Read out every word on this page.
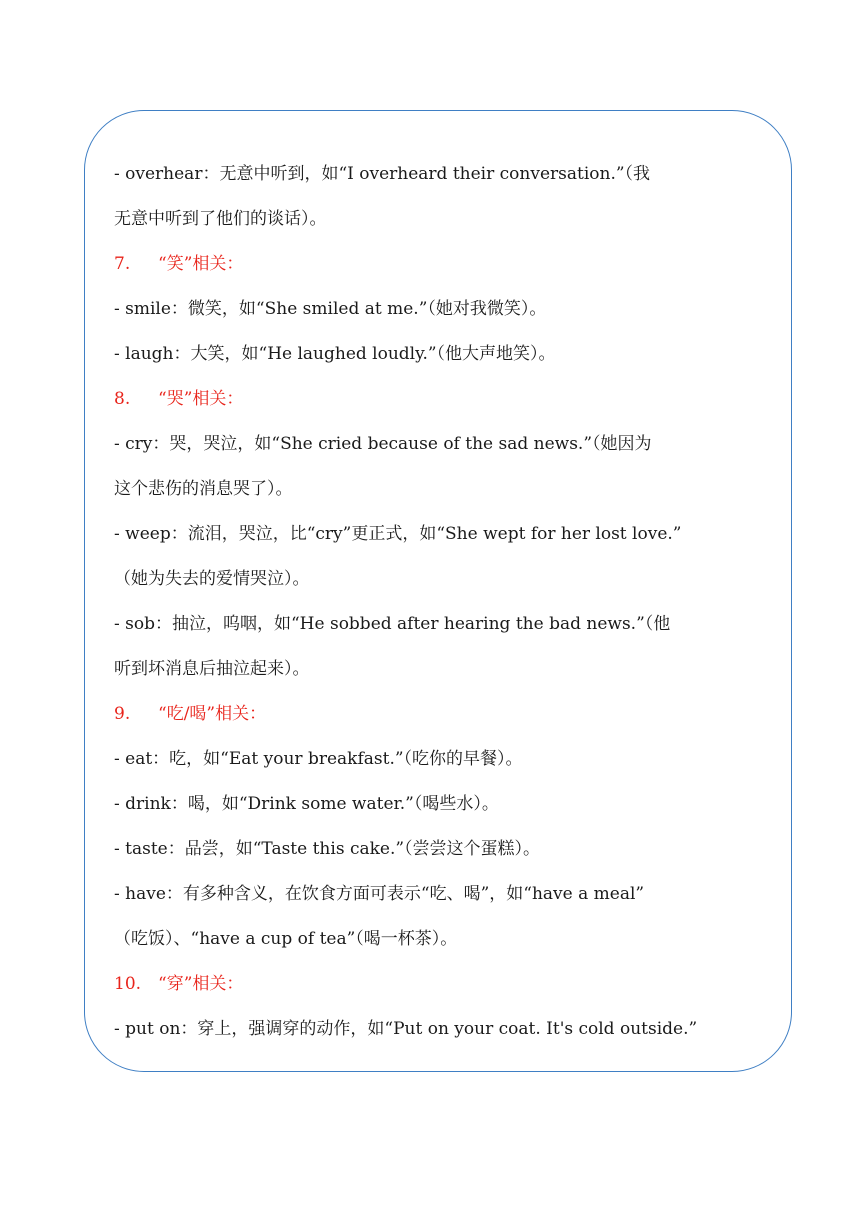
- overhear：无意中听到，如“I overheard their conversation.”（我
无意中听到了他们的谈话）。
7. “笑”相关：
- smile：微笑，如“She smiled at me.”（她对我微笑）。
- laugh：大笑，如“He laughed loudly.”（他大声地笑）。
8. “哭”相关：
- cry：哭，哭泣，如“She cried because of the sad news.”（她因为
这个悲伤的消息哭了）。
- weep：流泪，哭泣，比“cry”更正式，如“She wept for her lost love.”
（她为失去的爱情哭泣）。
- sob：抽泣，呜咽，如“He sobbed after hearing the bad news.”（他
听到坏消息后抽泣起来）。
9. “吃/喝”相关：
- eat：吃，如“Eat your breakfast.”（吃你的早餐）。
- drink：喝，如“Drink some water.”（喝些水）。
- taste：品尝，如“Taste this cake.”（尝尝这个蛋糕）。
- have：有多种含义，在饮食方面可表示“吃、喝”，如“have a meal”
（吃饭）、“have a cup of tea”（喝一杯茶）。
10. “穿”相关：
- put on：穿上，强调穿的动作，如“Put on your coat. It's cold outside.”
